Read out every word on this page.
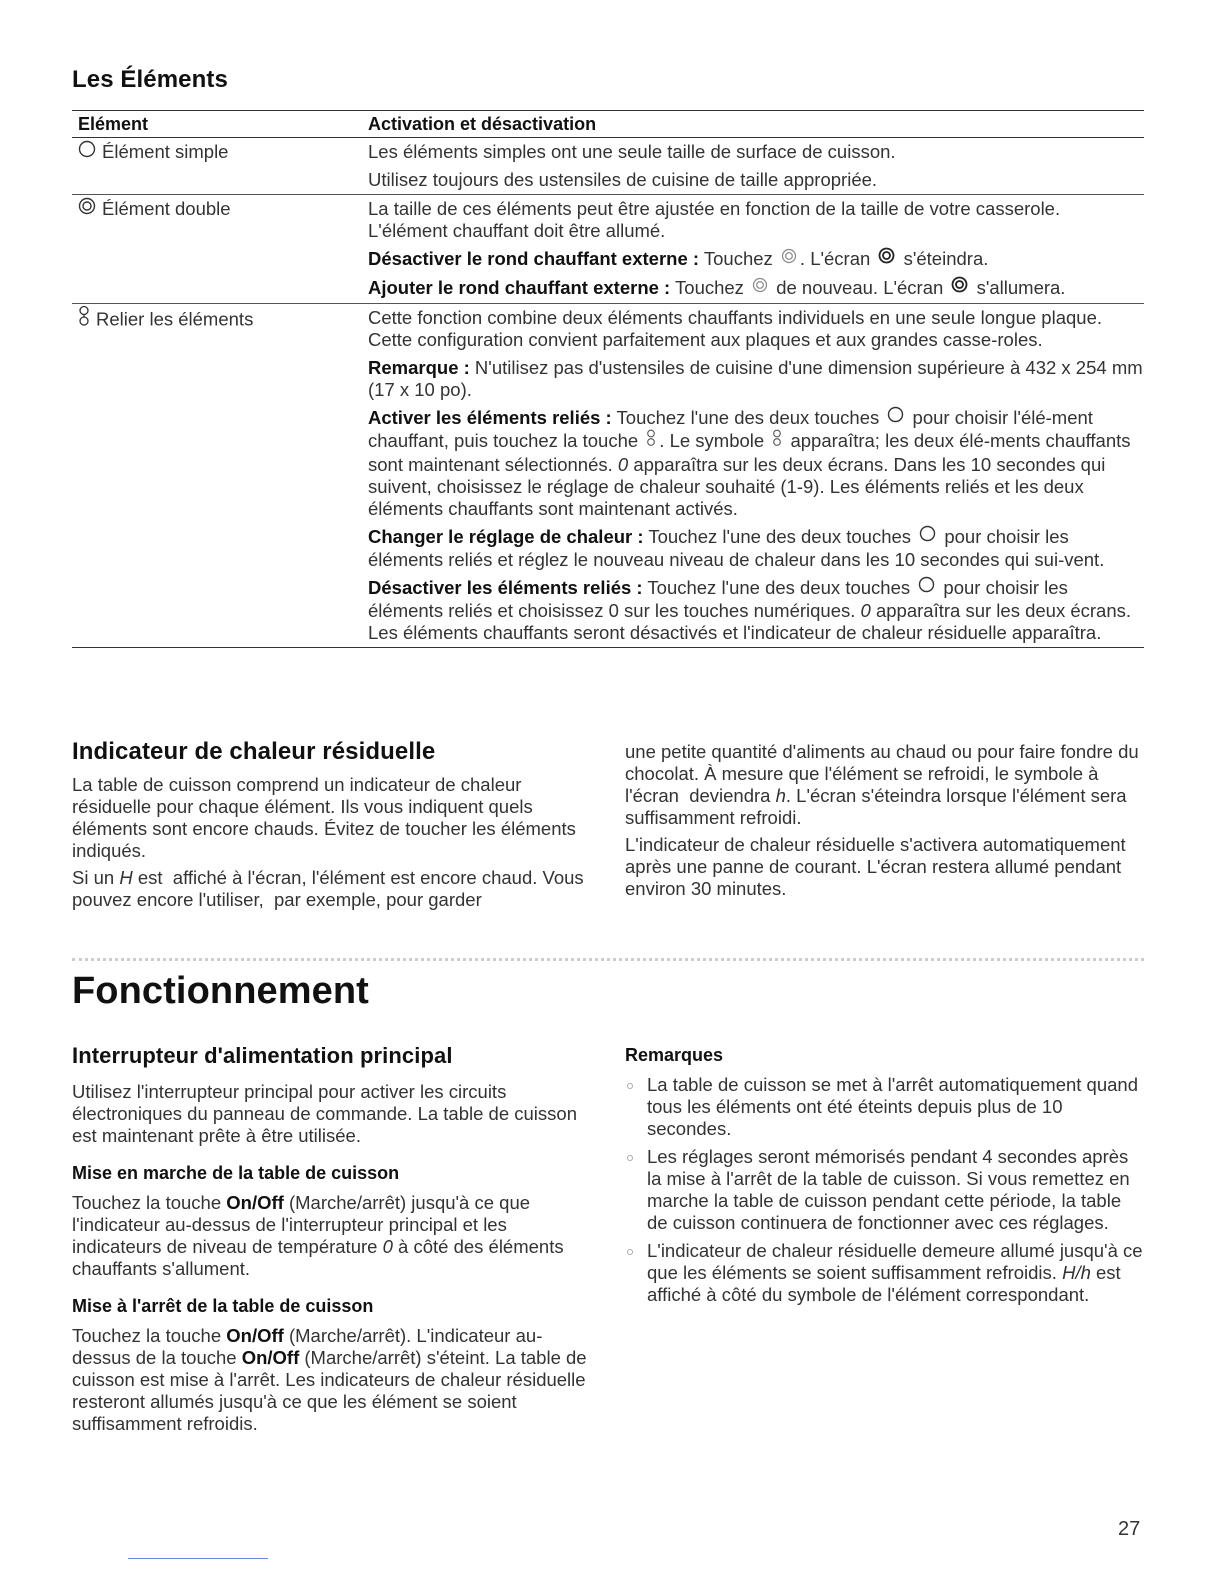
Les Éléments
Elément	Activation et désactivation
Élément simple	Les éléments simples ont une seule taille de surface de cuisson.

Utilisez toujours des ustensiles de cuisine de taille appropriée.

Élément double	La taille de ces éléments peut être ajustée en fonction de la taille de votre casserole. L'élément chauffant doit être allumé.

Désactiver le rond chauffant externe : Touchez . L'écran  s'éteindra.

Ajouter le rond chauffant externe : Touchez  de nouveau. L'écran  s'allumera.

Relier les éléments	Cette fonction combine deux éléments chauffants individuels en une seule longue plaque. Cette configuration convient parfaitement aux plaques et aux grandes casse-roles.

Remarque : N'utilisez pas d'ustensiles de cuisine d'une dimension supérieure à 432 x 254 mm (17 x 10 po).

Activer les éléments reliés : Touchez l'une des deux touches  pour choisir l'élé-ment chauffant, puis touchez la touche . Le symbole  apparaîtra; les deux élé-ments chauffants sont maintenant sélectionnés. 0 apparaîtra sur les deux écrans. Dans les 10 secondes qui suivent, choisissez le réglage de chaleur souhaité (1-9). Les éléments reliés et les deux éléments chauffants sont maintenant activés.

Changer le réglage de chaleur : Touchez l'une des deux touches  pour choisir les éléments reliés et réglez le nouveau niveau de chaleur dans les 10 secondes qui sui-vent.

Désactiver les éléments reliés : Touchez l'une des deux touches  pour choisir les éléments reliés et choisissez 0 sur les touches numériques. 0 apparaîtra sur les deux écrans. Les éléments chauffants seront désactivés et l'indicateur de chaleur résiduelle apparaîtra.

Indicateur de chaleur résiduelle

La table de cuisson comprend un indicateur de chaleur résiduelle pour chaque élément. Ils vous indiquent quels éléments sont encore chauds. Évitez de toucher les éléments indiqués.

Si un H est  affiché à l'écran, l'élément est encore chaud. Vous pouvez encore l'utiliser,  par exemple, pour garder

une petite quantité d'aliments au chaud ou pour faire fondre du chocolat. À mesure que l'élément se refroidi, le symbole à l'écran  deviendra h. L'écran s'éteindra lorsque l'élément sera suffisamment refroidi.

L'indicateur de chaleur résiduelle s'activera automatiquement après une panne de courant. L'écran restera allumé pendant environ 30 minutes.

Fonctionnement
Interrupteur d'alimentation principal

Utilisez l'interrupteur principal pour activer les circuits électroniques du panneau de commande. La table de cuisson est maintenant prête à être utilisée.

Mise en marche de la table de cuisson

Touchez la touche On/Off (Marche/arrêt) jusqu'à ce que l'indicateur au-dessus de l'interrupteur principal et les indicateurs de niveau de température 0 à côté des éléments chauffants s'allument.

Mise à l'arrêt de la table de cuisson

Touchez la touche On/Off (Marche/arrêt). L'indicateur au-dessus de la touche On/Off (Marche/arrêt) s'éteint. La table de cuisson est mise à l'arrêt. Les indicateurs de chaleur résiduelle resteront allumés jusqu'à ce que les élément se soient suffisamment refroidis.

Remarques
La table de cuisson se met à l'arrêt automatiquement quand tous les éléments ont été éteints depuis plus de 10 secondes.
Les réglages seront mémorisés pendant 4 secondes après la mise à l'arrêt de la table de cuisson. Si vous remettez en marche la table de cuisson pendant cette période, la table de cuisson continuera de fonctionner avec ces réglages.
L'indicateur de chaleur résiduelle demeure allumé jusqu'à ce que les éléments se soient suffisamment refroidis. H/h est affiché à côté du symbole de l'élément correspondant.
27
